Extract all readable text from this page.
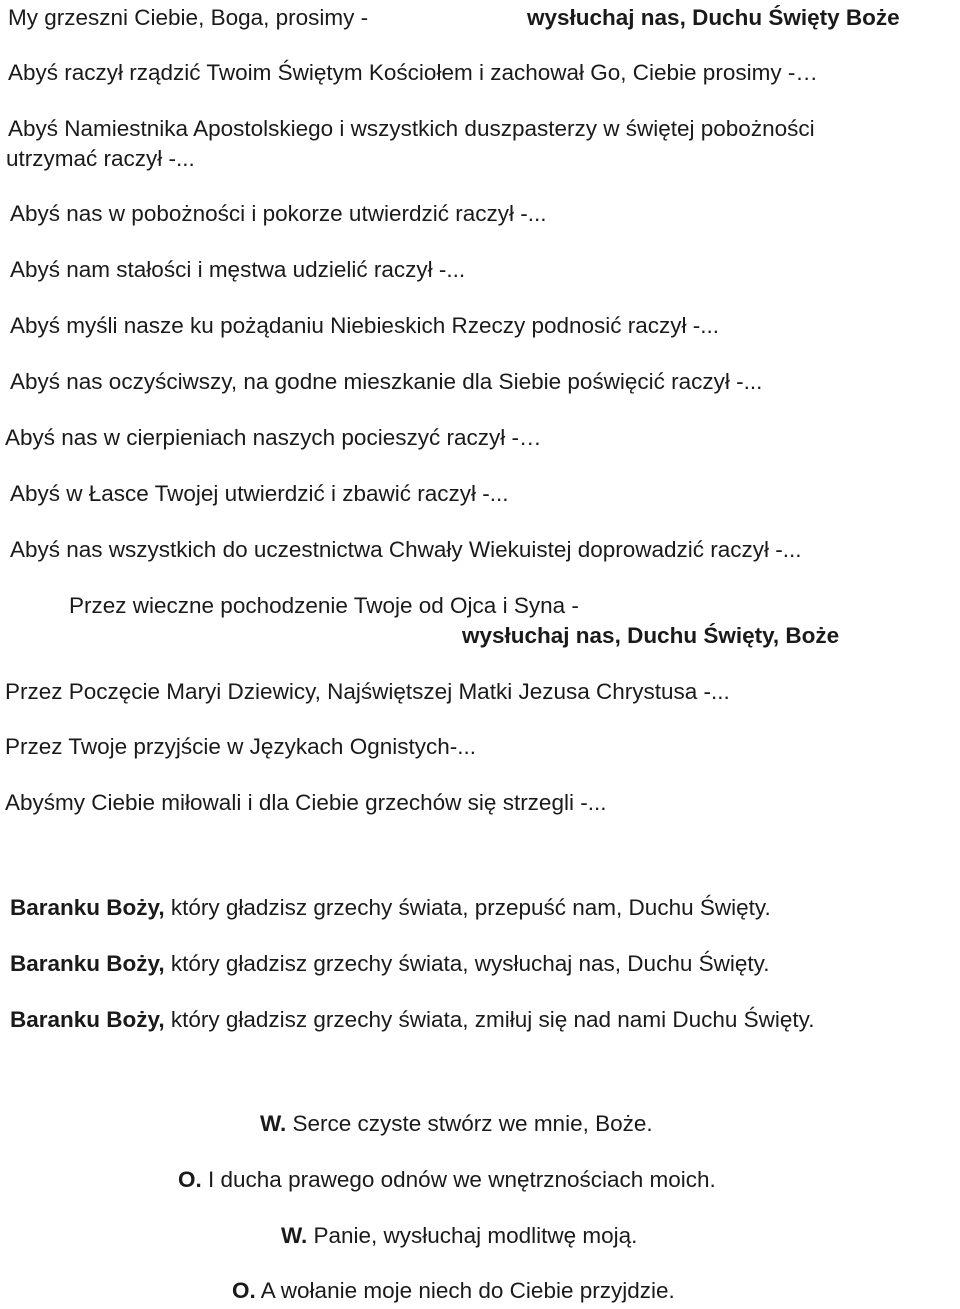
My grzeszni Ciebie, Boga, prosimy -	wysłuchaj nas, Duchu Święty Boże
Abyś raczył rządzić Twoim Świętym Kościołem i zachował Go, Ciebie prosimy -…
Abyś Namiestnika Apostolskiego i wszystkich duszpasterzy w świętej pobożności
utrzymać raczył -...
Abyś nas w pobożności i pokorze utwierdzić raczył -...
Abyś nam stałości i męstwa udzielić raczył -...
Abyś myśli nasze ku pożądaniu Niebieskich Rzeczy podnosić raczył -...
Abyś nas oczyściwszy, na godne mieszkanie dla Siebie poświęcić raczył -...
Abyś nas w cierpieniach naszych pocieszyć raczył -…
Abyś w Łasce Twojej utwierdzić i zbawić raczył -...
Abyś nas wszystkich do uczestnictwa Chwały Wiekuistej doprowadzić raczył -...
Przez wieczne pochodzenie Twoje od Ojca i Syna -
wysłuchaj nas, Duchu Święty, Boże
Przez Poczęcie Maryi Dziewicy, Najświętszej Matki Jezusa Chrystusa -...
Przez Twoje przyjście w Językach Ognistych-...
Abyśmy Ciebie miłowali i dla Ciebie grzechów się strzegli -...
Baranku Boży, który gładzisz grzechy świata, przepuść nam, Duchu Święty.
Baranku Boży, który gładzisz grzechy świata, wysłuchaj nas, Duchu Święty.
Baranku Boży, który gładzisz grzechy świata, zmiłuj się nad nami Duchu Święty.
W. Serce czyste stwórz we mnie, Boże.
O. I ducha prawego odnów we wnętrznościach moich.
W. Panie, wysłuchaj modlitwę moją.
O. A wołanie moje niech do Ciebie przyjdzie.
